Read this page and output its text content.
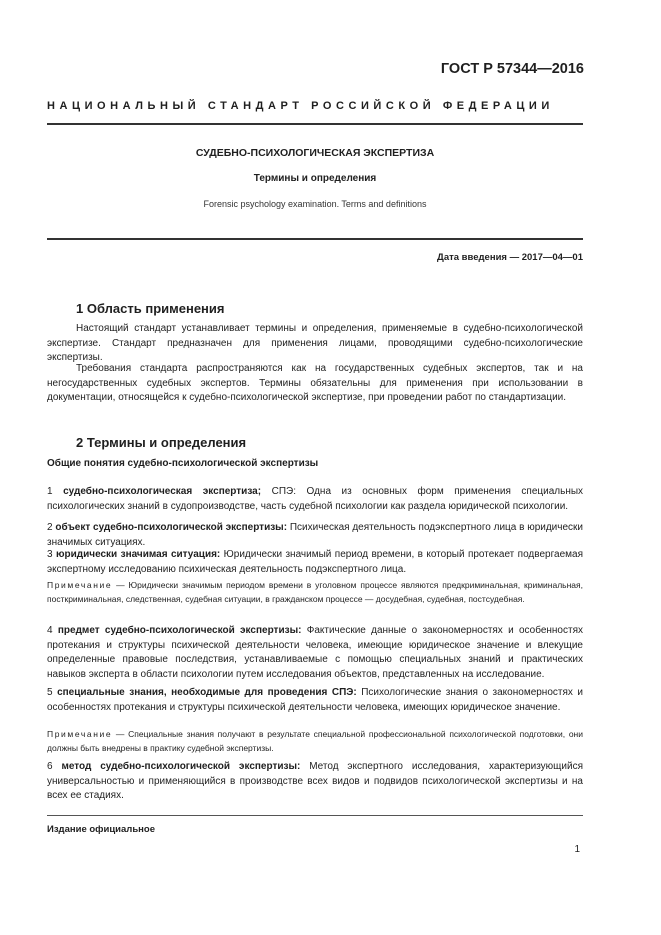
ГОСТ Р 57344—2016
НАЦИОНАЛЬНЫЙ СТАНДАРТ РОССИЙСКОЙ ФЕДЕРАЦИИ
СУДЕБНО-ПСИХОЛОГИЧЕСКАЯ ЭКСПЕРТИЗА
Термины и определения
Forensic psychology examination. Terms and definitions
Дата введения — 2017—04—01
1 Область применения
Настоящий стандарт устанавливает термины и определения, применяемые в судебно-психологической экспертизе. Стандарт предназначен для применения лицами, проводящими судебно-психологические экспертизы.
Требования стандарта распространяются как на государственных судебных экспертов, так и на негосударственных судебных экспертов. Термины обязательны для применения при использовании в документации, относящейся к судебно-психологической экспертизе, при проведении работ по стандартизации.
2 Термины и определения
Общие понятия судебно-психологической экспертизы
1 судебно-психологическая экспертиза; СПЭ: Одна из основных форм применения специальных психологических знаний в судопроизводстве, часть судебной психологии как раздела юридической психологии.
2 объект судебно-психологической экспертизы: Психическая деятельность подэкспертного лица в юридически значимых ситуациях.
3 юридически значимая ситуация: Юридически значимый период времени, в который протекает подвергаемая экспертному исследованию психическая деятельность подэкспертного лица.
Примечание — Юридически значимым периодом времени в уголовном процессе являются предкриминальная, криминальная, посткриминальная, следственная, судебная ситуации, в гражданском процессе — досудебная, судебная, постсудебная.
4 предмет судебно-психологической экспертизы: Фактические данные о закономерностях и особенностях протекания и структуры психической деятельности человека, имеющие юридическое значение и влекущие определенные правовые последствия, устанавливаемые с помощью специальных знаний и практических навыков эксперта в области психологии путем исследования объектов, представленных на исследование.
5 специальные знания, необходимые для проведения СПЭ: Психологические знания о закономерностях и особенностях протекания и структуры психической деятельности человека, имеющих юридическое значение.
Примечание — Специальные знания получают в результате специальной профессиональной психологической подготовки, они должны быть внедрены в практику судебной экспертизы.
6 метод судебно-психологической экспертизы: Метод экспертного исследования, характеризующийся универсальностью и применяющийся в производстве всех видов и подвидов психологической экспертизы и на всех ее стадиях.
Издание официальное
1
